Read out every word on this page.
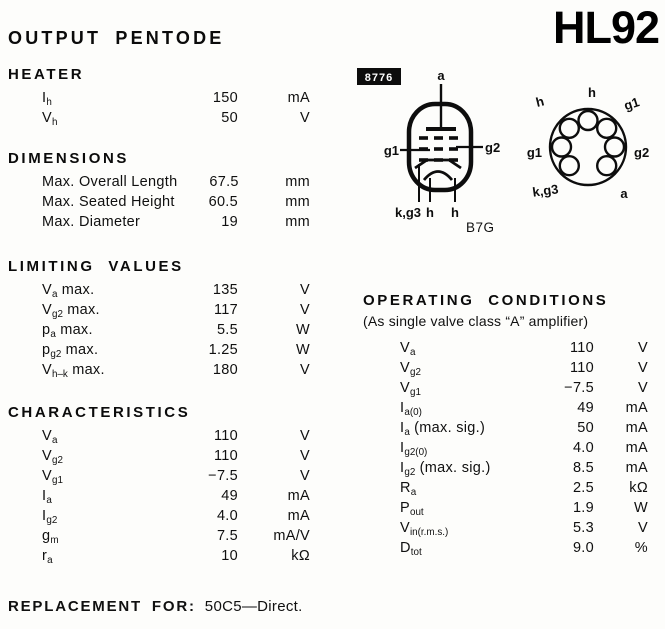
OUTPUT PENTODE	HL92
HEATER
$I_h$	150	mA
$V_h$	50	V
DIMENSIONS
Max. Overall Length	67.5	mm
Max. Seated Height	60.5	mm
Max. Diameter	19	mm
LIMITING VALUES
$V_a$ max.	135	V
$V_{g2}$ max.	117	V
$p_a$ max.	5.5	W
$p_{g2}$ max.	1.25	W
$V_{h-k}$ max.	180	V
CHARACTERISTICS
$V_a$	110	V
$V_{g2}$	110	V
$V_{g1}$	−7.5	V
$I_a$	49	mA
$I_{g2}$	4.0	mA
$g_m$	7.5	mA/V
$r_a$	10	kΩ
8776	a
g1	g2
k,g3 h h
h
h	g1
g1	g2
k,g3	a
B7G
OPERATING CONDITIONS
(As single valve class “A” amplifier)
$V_a$	110	V
$V_{g2}$	110	V
$V_{g1}$	−7.5	V
$I_{a(0)}$	49	mA
$I_a$ (max. sig.)	50	mA
$I_{g2(0)}$	4.0	mA
$I_{g2}$ (max. sig.)	8.5	mA
$R_a$	2.5	kΩ
$P_{out}$	1.9	W
$V_{in(r.m.s.)}$	5.3	V
$D_{tot}$	9.0	%
REPLACEMENT FOR: 50C5—Direct.
